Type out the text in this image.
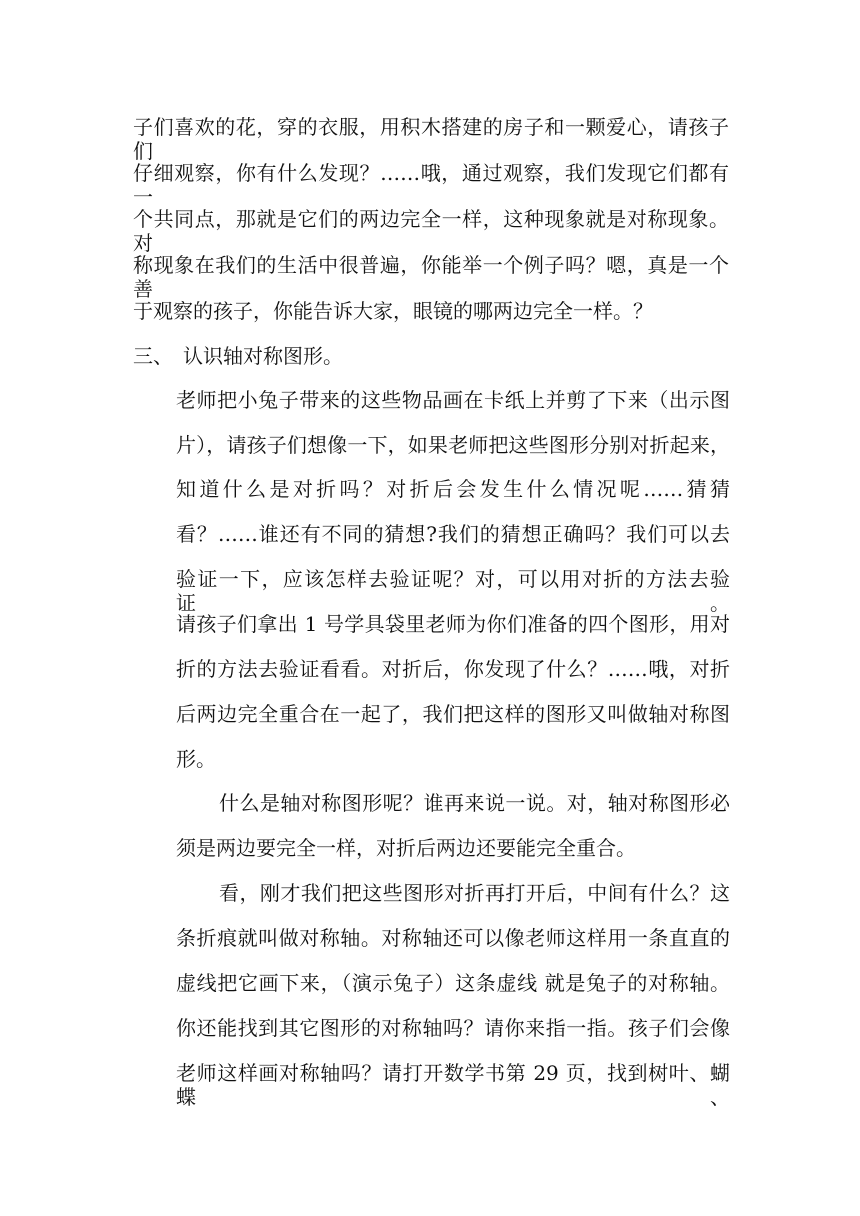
子们喜欢的花，穿的衣服，用积木搭建的房子和一颗爱心，请孩子们
仔细观察，你有什么发现？……哦，通过观察，我们发现它们都有一
个共同点，那就是它们的两边完全一样，这种现象就是对称现象。对
称现象在我们的生活中很普遍，你能举一个例子吗？嗯，真是一个善
于观察的孩子，你能告诉大家，眼镜的哪两边完全一样。？
三、 认识轴对称图形。
老师把小兔子带来的这些物品画在卡纸上并剪了下来（出示图
片），请孩子们想像一下，如果老师把这些图形分别对折起来，
知道什么是对折吗？对折后会发生什么情况呢……猜猜
看？……谁还有不同的猜想?我们的猜想正确吗？我们可以去
验证一下，应该怎样去验证呢？对，可以用对折的方法去验证。
请孩子们拿出 1 号学具袋里老师为你们准备的四个图形，用对
折的方法去验证看看。对折后，你发现了什么？……哦，对折
后两边完全重合在一起了，我们把这样的图形又叫做轴对称图
形。
什么是轴对称图形呢？谁再来说一说。对，轴对称图形必
须是两边要完全一样，对折后两边还要能完全重合。
看，刚才我们把这些图形对折再打开后，中间有什么？这
条折痕就叫做对称轴。对称轴还可以像老师这样用一条直直的
虚线把它画下来，（演示兔子）这条虚线 就是兔子的对称轴。
你还能找到其它图形的对称轴吗？请你来指一指。孩子们会像
老师这样画对称轴吗？请打开数学书第 29 页，找到树叶、蝴蝶、
